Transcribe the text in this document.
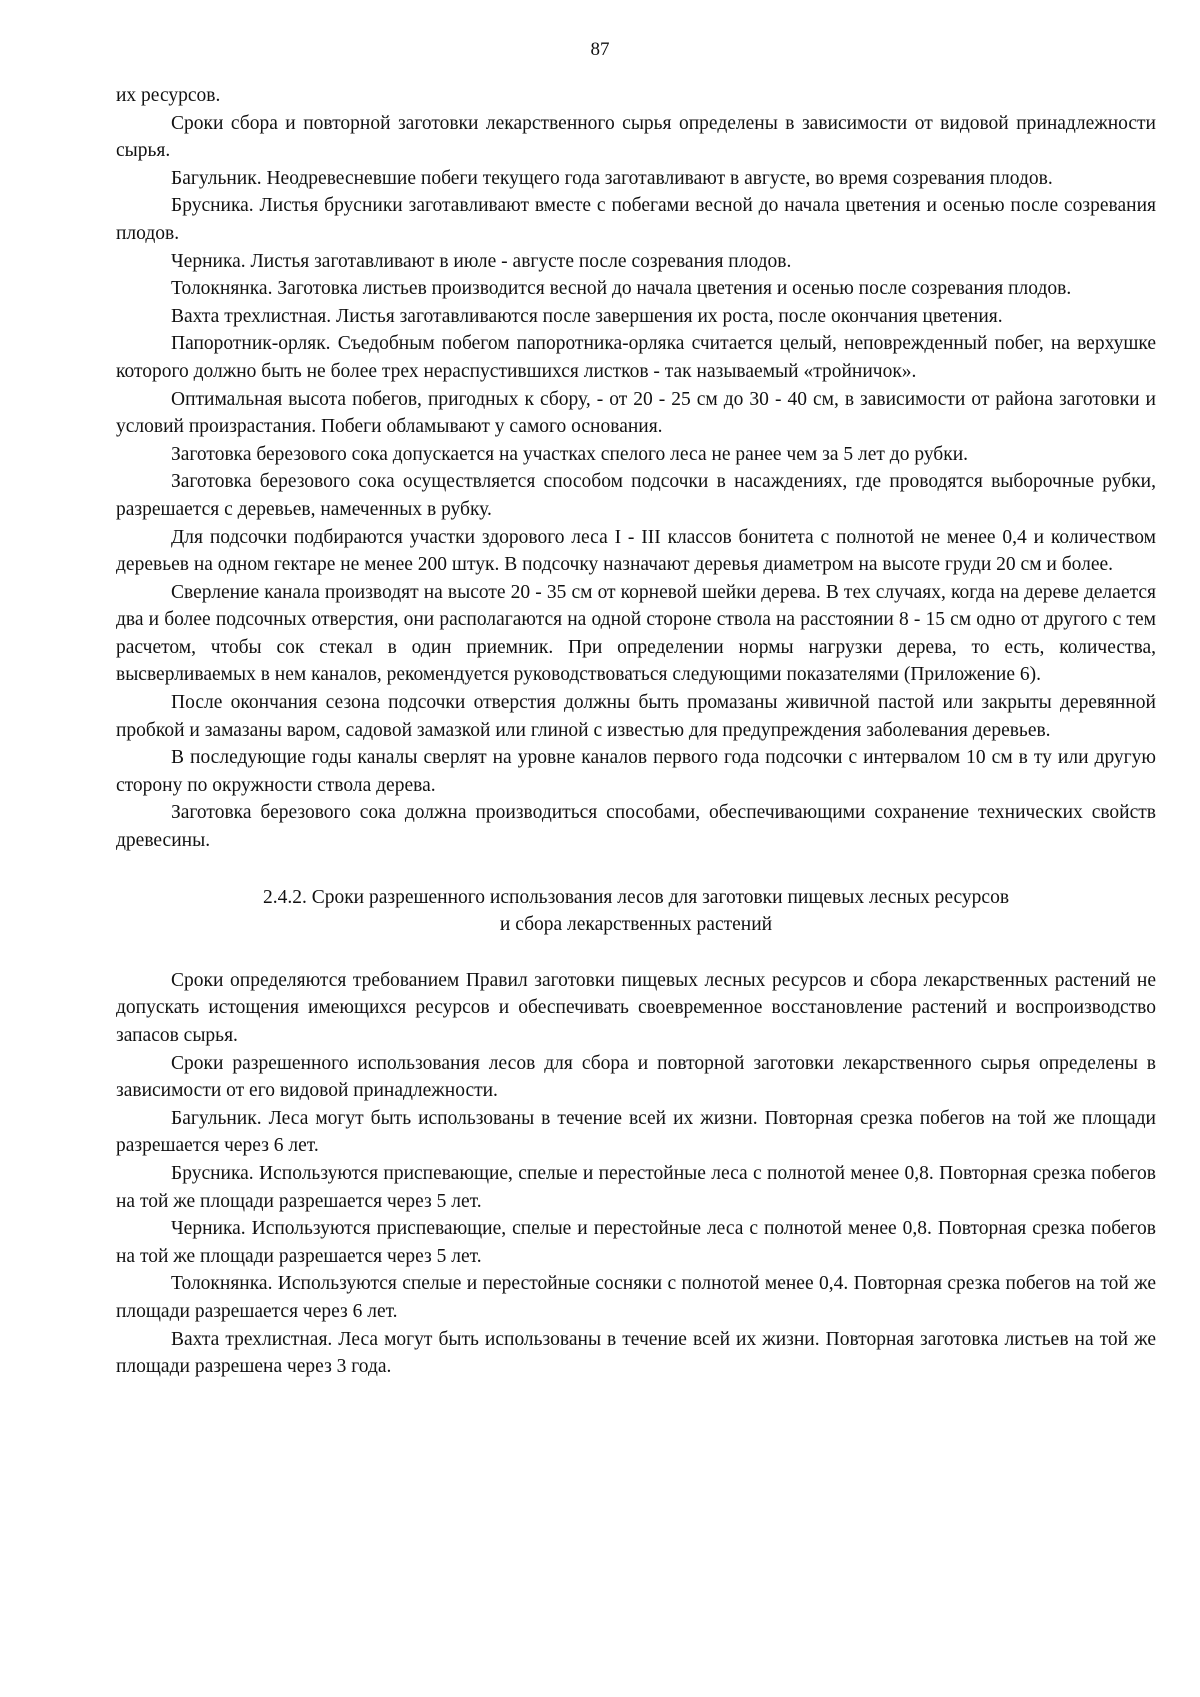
87

их ресурсов.

Сроки сбора и повторной заготовки лекарственного сырья определены в зависимости от видовой принадлежности сырья.

Багульник. Неодревесневшие побеги текущего года заготавливают в августе, во время созревания плодов.

Брусника. Листья брусники заготавливают вместе с побегами весной до начала цветения и осенью после созревания плодов.

Черника. Листья заготавливают в июле - августе после созревания плодов.

Толокнянка. Заготовка листьев производится весной до начала цветения и осенью после созревания плодов.

Вахта трехлистная. Листья заготавливаются после завершения их роста, после окончания цветения.

Папоротник-орляк. Съедобным побегом папоротника-орляка считается целый, неповрежденный побег, на верхушке которого должно быть не более трех нераспустившихся листков - так называемый «тройничок».

Оптимальная высота побегов, пригодных к сбору, - от 20 - 25 см до 30 - 40 см, в зависимости от района заготовки и условий произрастания. Побеги обламывают у самого основания.

Заготовка березового сока допускается на участках спелого леса не ранее чем за 5 лет до рубки.

Заготовка березового сока осуществляется способом подсочки в насаждениях, где проводятся выборочные рубки, разрешается с деревьев, намеченных в рубку.

Для подсочки подбираются участки здорового леса I - III классов бонитета с полнотой не менее 0,4 и количеством деревьев на одном гектаре не менее 200 штук. В подсочку назначают деревья диаметром на высоте груди 20 см и более.

Сверление канала производят на высоте 20 - 35 см от корневой шейки дерева. В тех случаях, когда на дереве делается два и более подсочных отверстия, они располагаются на одной стороне ствола на расстоянии 8 - 15 см одно от другого с тем расчетом, чтобы сок стекал в один приемник. При определении нормы нагрузки дерева, то есть, количества, высверливаемых в нем каналов, рекомендуется руководствоваться следующими показателями (Приложение 6).

После окончания сезона подсочки отверстия должны быть промазаны живичной пастой или закрыты деревянной пробкой и замазаны варом, садовой замазкой или глиной с известью для предупреждения заболевания деревьев.

В последующие годы каналы сверлят на уровне каналов первого года подсочки с интервалом 10 см в ту или другую сторону по окружности ствола дерева.

Заготовка березового сока должна производиться способами, обеспечивающими сохранение технических свойств древесины.

2.4.2. Сроки разрешенного использования лесов для заготовки пищевых лесных ресурсов
и сбора лекарственных растений

Сроки определяются требованием Правил заготовки пищевых лесных ресурсов и сбора лекарственных растений не допускать истощения имеющихся ресурсов и обеспечивать своевременное восстановление растений и воспроизводство запасов сырья.

Сроки разрешенного использования лесов для сбора и повторной заготовки лекарственного сырья определены в зависимости от его видовой принадлежности.

Багульник. Леса могут быть использованы в течение всей их жизни. Повторная срезка побегов на той же площади разрешается через 6 лет.

Брусника. Используются приспевающие, спелые и перестойные леса с полнотой менее 0,8. Повторная срезка побегов на той же площади разрешается через 5 лет.

Черника. Используются приспевающие, спелые и перестойные леса с полнотой менее 0,8. Повторная срезка побегов на той же площади разрешается через 5 лет.

Толокнянка. Используются спелые и перестойные сосняки с полнотой менее 0,4. Повторная срезка побегов на той же площади разрешается через 6 лет.

Вахта трехлистная. Леса могут быть использованы в течение всей их жизни. Повторная заготовка листьев на той же площади разрешена через 3 года.
